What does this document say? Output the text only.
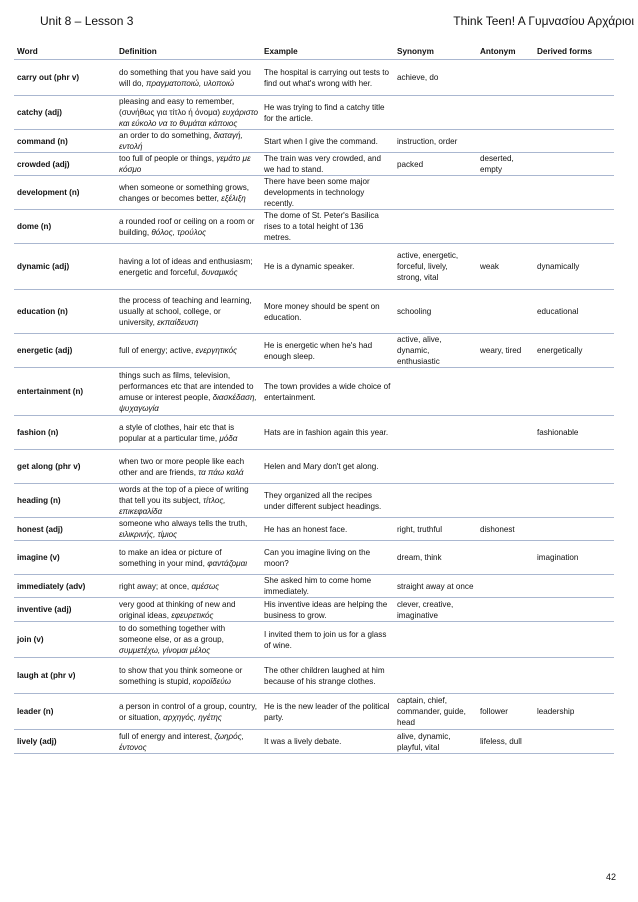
Unit 8 – Lesson 3	Think Teen! A Γυμνασίου Αρχάριοι
Word	Definition	Example	Synonym	Antonym	Derived forms
carry out (phr v)	do something that you have said you will do, πραγματοποιώ, υλοποιώ	The hospital is carrying out tests to find out what's wrong with her.	achieve, do		
catchy (adj)	pleasing and easy to remember, (συνήθως για τίτλο ή όνομα) ευχάριστο και εύκολο να το θυμάται κάποιος	He was trying to find a catchy title for the article.			
command (n)	an order to do something, διαταγή, εντολή	Start when I give the command.	instruction, order		
crowded (adj)	too full of people or things, γεμάτο με κόσμο	The train was very crowded, and we had to stand.	packed	deserted, empty	
development (n)	when someone or something grows, changes or becomes better, εξέλιξη	There have been some major developments in technology recently.			
dome (n)	a rounded roof or ceiling on a room or building, θόλος, τρούλος	The dome of St. Peter's Basilica rises to a total height of 136 metres.			
dynamic (adj)	having a lot of ideas and enthusiasm; energetic and forceful, δυναμικός	He is a dynamic speaker.	active, energetic, forceful, lively, strong, vital	weak	dynamically
education (n)	the process of teaching and learning, usually at school, college, or university, εκπαίδευση	More money should be spent on education.	schooling		educational
energetic (adj)	full of energy; active, ενεργητικός	He is energetic when he's had enough sleep.	active, alive, dynamic, enthusiastic	weary, tired	energetically
entertainment (n)	things such as films, television, performances etc that are intended to amuse or interest people, διασκέδαση, ψυχαγωγία	The town provides a wide choice of entertainment.			
fashion (n)	a style of clothes, hair etc that is popular at a particular time, μόδα	Hats are in fashion again this year.			fashionable
get along (phr v)	when two or more people like each other and are friends, τα πάω καλά	Helen and Mary don't get along.			
heading (n)	words at the top of a piece of writing that tell you its subject, τίτλος, επικεφαλίδα	They organized all the recipes under different subject headings.			
honest (adj)	someone who always tells the truth, ειλικρινής, τίμιος	He has an honest face.	right, truthful	dishonest	
imagine (v)	to make an idea or picture of something in your mind, φαντάζομαι	Can you imagine living on the moon?	dream, think		imagination
immediately (adv)	right away; at once, αμέσως	She asked him to come home immediately.	straight away at once		
inventive (adj)	very good at thinking of new and original ideas, εφευρετικός	His inventive ideas are helping the business to grow.	clever, creative, imaginative		
join (v)	to do something together with someone else, or as a group, συμμετέχω, γίνομαι μέλος	I invited them to join us for a glass of wine.			
laugh at (phr v)	to show that you think someone or something is stupid, κοροϊδεύω	The other children laughed at him because of his strange clothes.			
leader (n)	a person in control of a group, country, or situation, αρχηγός, ηγέτης	He is the new leader of the political party.	captain, chief, commander, guide, head	follower	leadership
lively (adj)	full of energy and interest, ζωηρός, έντονος	It was a lively debate.	alive, dynamic, playful, vital	lifeless, dull	
42
